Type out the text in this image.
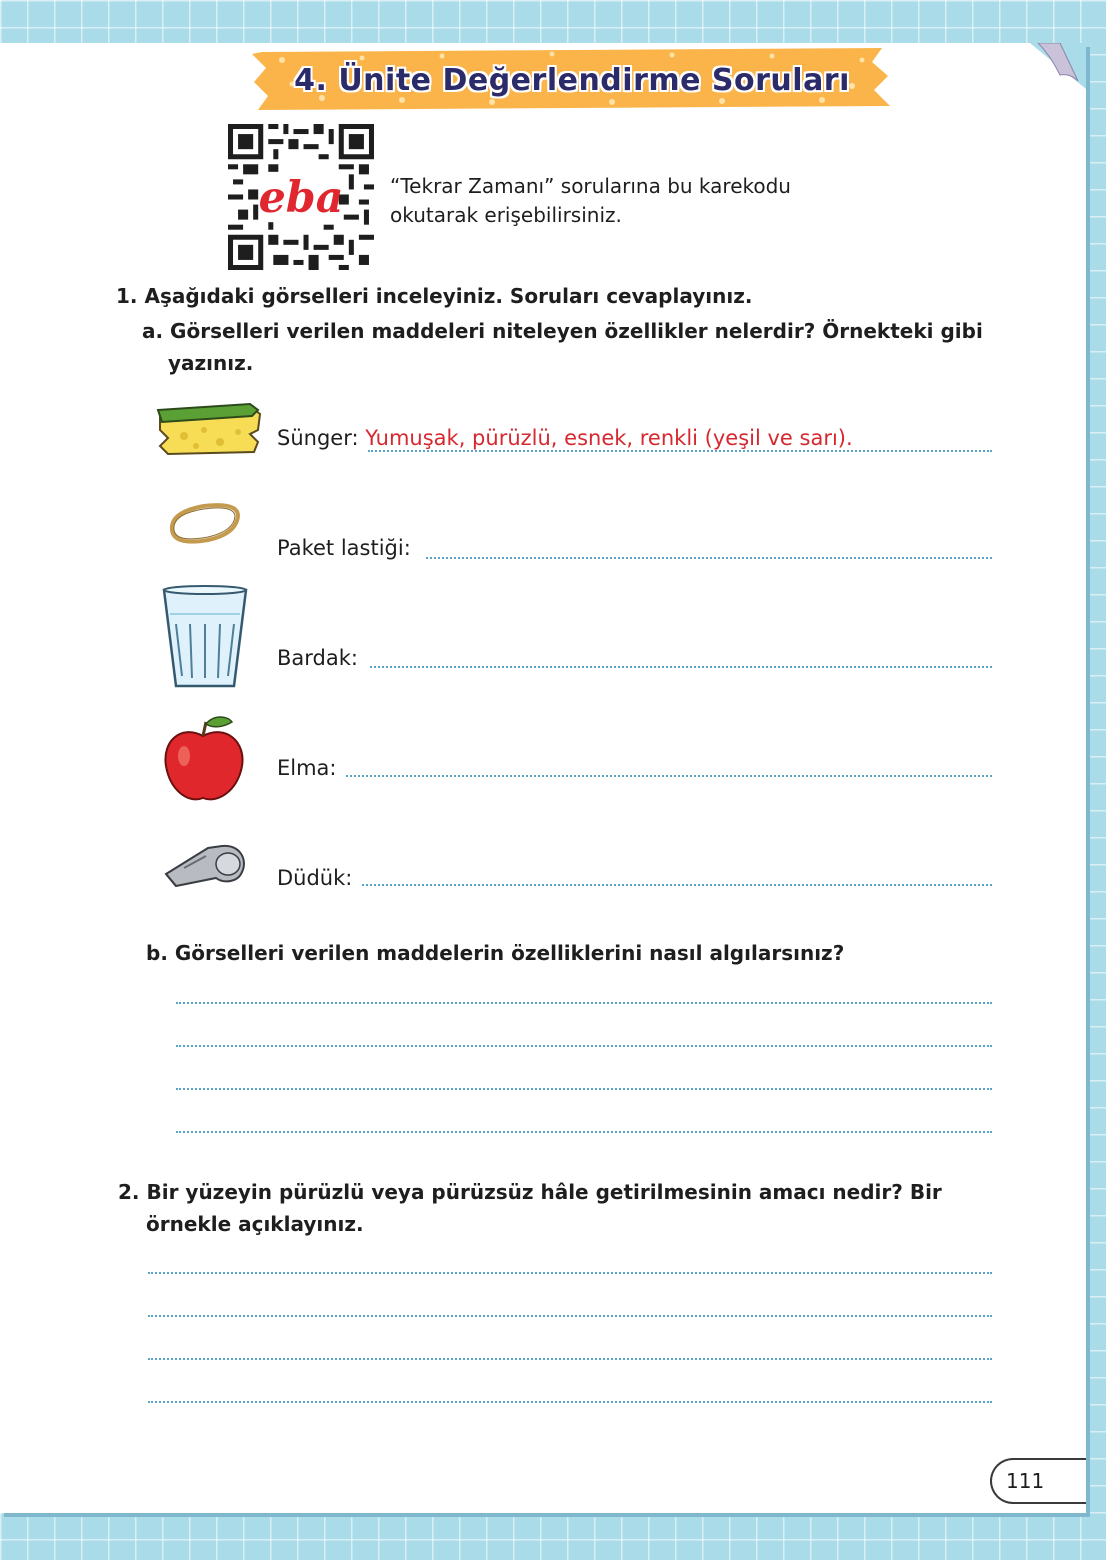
4. Ünite Değerlendirme Soruları
eba “Tekrar Zamanı” sorularına bu karekodu
okutarak erişebilirsiniz.
1. Aşağıdaki görselleri inceleyiniz. Soruları cevaplayınız.
a. Görselleri verilen maddeleri niteleyen özellikler nelerdir? Örnekteki gibi
yazınız.
Sünger: Yumuşak, pürüzlü, esnek, renkli (yeşil ve sarı).
Paket lastiği:
Bardak:
Elma:
Düdük:
b. Görselleri verilen maddelerin özelliklerini nasıl algılarsınız?
2. Bir yüzeyin pürüzlü veya pürüzsüz hâle getirilmesinin amacı nedir? Bir
örnekle açıklayınız.
111
